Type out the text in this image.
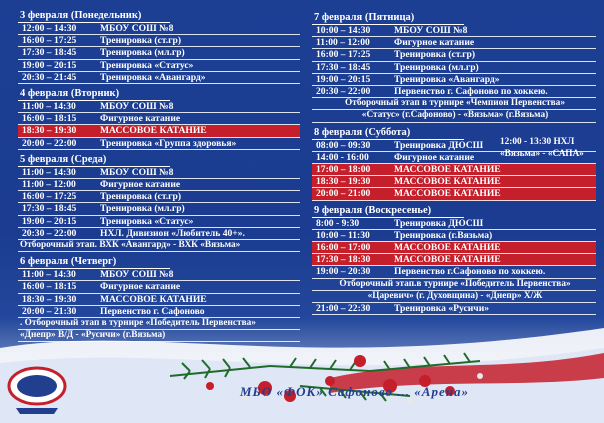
3 февраля (Понедельник)
12:00 – 14:30	МБОУ СОШ №8
16:00 – 17:25	Тренировка (ст.гр)
17:30 – 18:45	Тренировка (мл.гр)
19:00 – 20:15	Тренировка «Статус»
20:30 – 21:45	Тренировка «Авангард»
4 февраля (Вторник)
11:00 – 14:30	МБОУ СОШ №8
16:00 – 18:15	Фигурное катание
18:30 – 19:30	МАССОВОЕ КАТАНИЕ
20:00 – 22:00	Тренировка «Группа здоровья»
5 февраля (Среда)
11:00 – 14:30	МБОУ СОШ №8
11:00 – 12:00	Фигурное катание
16:00 – 17:25	Тренировка (ст.гр)
17:30 – 18:45	Тренировка (мл.гр)
19:00 – 20:15	Тренировка «Статус»
20:30 – 22:00	НХЛ. Дивизион «Любитель 40+».
Отборочный этап. ВХК «Авангард» - ВХК «Вязьма»
6 февраля (Четверг)
11:00 – 14:30	МБОУ СОШ №8
16:00 – 18:15	Фигурное катание
18:30 – 19:30	МАССОВОЕ КАТАНИЕ
20:00 – 21:30	Первенство г. Сафоново
. Отборочный этап в турнире «Победитель Первенства»
«Днепр» В/Д - «Русичи» (г.Вязьма)
7 февраля (Пятница)
10:00 – 14:30	МБОУ СОШ №8
11:00 – 12:00	Фигурное катание
16:00 – 17:25	Тренировка (ст.гр)
17:30 – 18:45	Тренировка (мл.гр)
19:00 – 20:15	Тренировка «Авангард»
20:30 – 22:00	Первенство г. Сафоново по хоккею.
Отборочный этап в турнире «Чемпион Первенства»
«Статус» (г.Сафоново) - «Вязьма» (г.Вязьма)
8 февраля (Суббота)
08:00 – 09:30	Тренировка ДЮСШ
14:00 - 16:00	Фигурное катание
17:00 – 18:00	МАССОВОЕ КАТАНИЕ
18:30 – 19:30	МАССОВОЕ КАТАНИЕ
20:00 – 21:00	МАССОВОЕ КАТАНИЕ
9 февраля (Воскресенье)
8:00 - 9:30	Тренировка ДЮСШ
10:00 – 11:30	Тренировка (г.Вязьма)
16:00 – 17:00	МАССОВОЕ КАТАНИЕ
17:30 – 18:30	МАССОВОЕ КАТАНИЕ
19:00 – 20:30	Первенство г.Сафоново по хоккею.
Отборочный этап.в турнире «Победитель Первенства»
«Царевич» (г. Духовщина) - «Днепр» Х/Ж
21:00 – 22:30	Тренировка «Русичи»
12:00 - 13:30 НХЛ
«Вязьма» - «САПА»
МБО «ФОК» Сафоново ... «Арена»
